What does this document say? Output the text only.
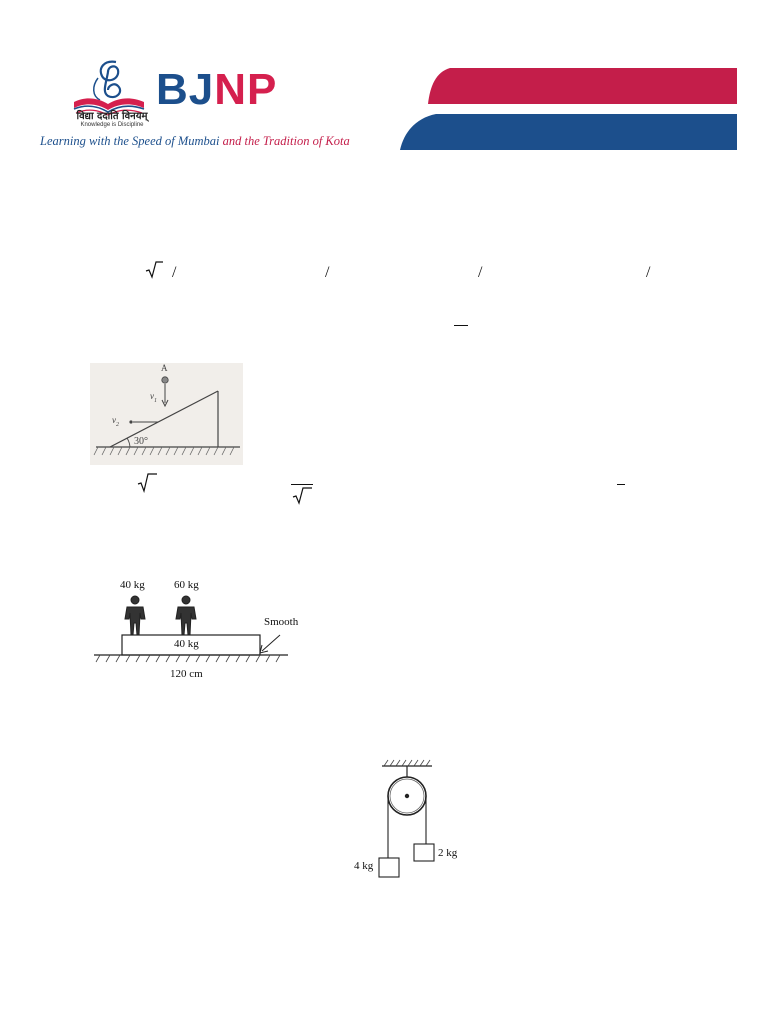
BJNP
विद्या ददाति विनयम्
Knowledge is Discipline
Learning with the Speed of Mumbai and the Tradition of Kota
/	/	/	/
A
$v_1$
$v_2$
30°
40 kg	60 kg
40 kg
Smooth
120 cm
4 kg
2 kg
